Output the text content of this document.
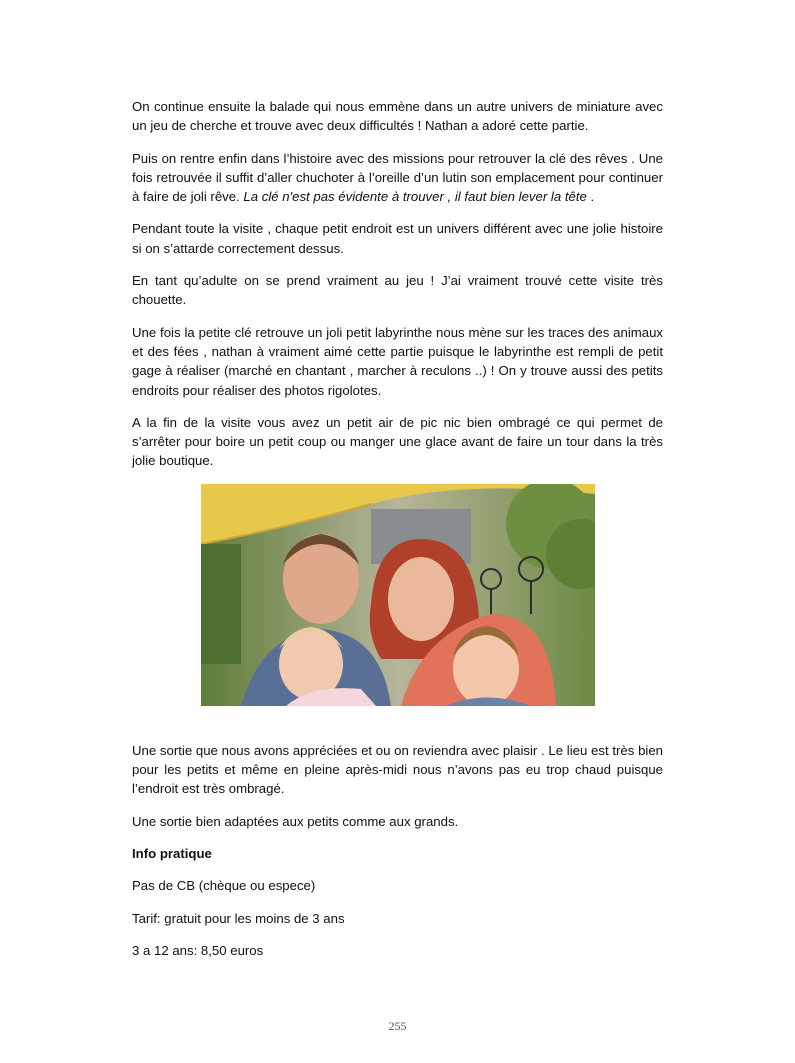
On continue ensuite la balade qui nous emmène dans un autre univers de miniature avec un jeu de cherche et trouve avec deux difficultés ! Nathan a adoré cette partie.

Puis on rentre enfin dans l’histoire avec des missions pour retrouver la clé des rêves . Une fois retrouvée il suffit d’aller chuchoter à l’oreille d’un lutin son emplacement pour continuer à faire de joli rêve. La clé n'est pas évidente à trouver , il faut bien lever la tête .

Pendant toute la visite , chaque petit endroit est un univers différent avec une jolie histoire si on s’attarde correctement dessus.

En tant qu’adulte on se prend vraiment au jeu ! J’ai vraiment trouvé cette visite très chouette.

Une fois la petite clé retrouve un joli petit labyrinthe nous mène sur les traces des animaux et des fées , nathan à vraiment aimé cette partie puisque le labyrinthe est rempli de petit gage à réaliser (marché en chantant , marcher à reculons ..) ! On y trouve aussi des petits endroits pour réaliser des photos rigolotes.

A la fin de la visite vous avez un petit air de pic nic bien ombragé ce qui permet de s’arrêter pour boire un petit coup ou manger une glace avant de faire un tour dans la très jolie boutique.

Une sortie que nous avons appréciées et ou on reviendra avec plaisir . Le lieu est très bien pour les petits et même en pleine après-midi nous n’avons pas eu trop chaud puisque l’endroit est très ombragé.

Une sortie bien adaptées aux petits comme aux grands.

Info pratique

Pas de CB (chèque ou espece)

Tarif: gratuit pour les moins de 3 ans

3 a 12 ans: 8,50 euros

255
